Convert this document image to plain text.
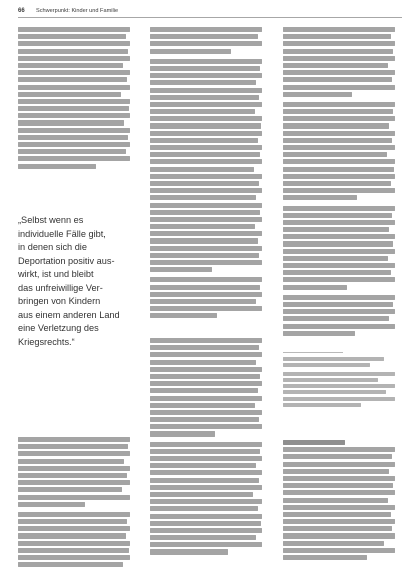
66 Schwerpunkt: Kinder und Familie
„Selbst wenn es
individuelle Fälle gibt,
in denen sich die
Deportation positiv aus-
wirkt, ist und bleibt
das unfreiwillige Ver-
bringen von Kindern
aus einem anderen Land
eine Verletzung des
Kriegsrechts.“
